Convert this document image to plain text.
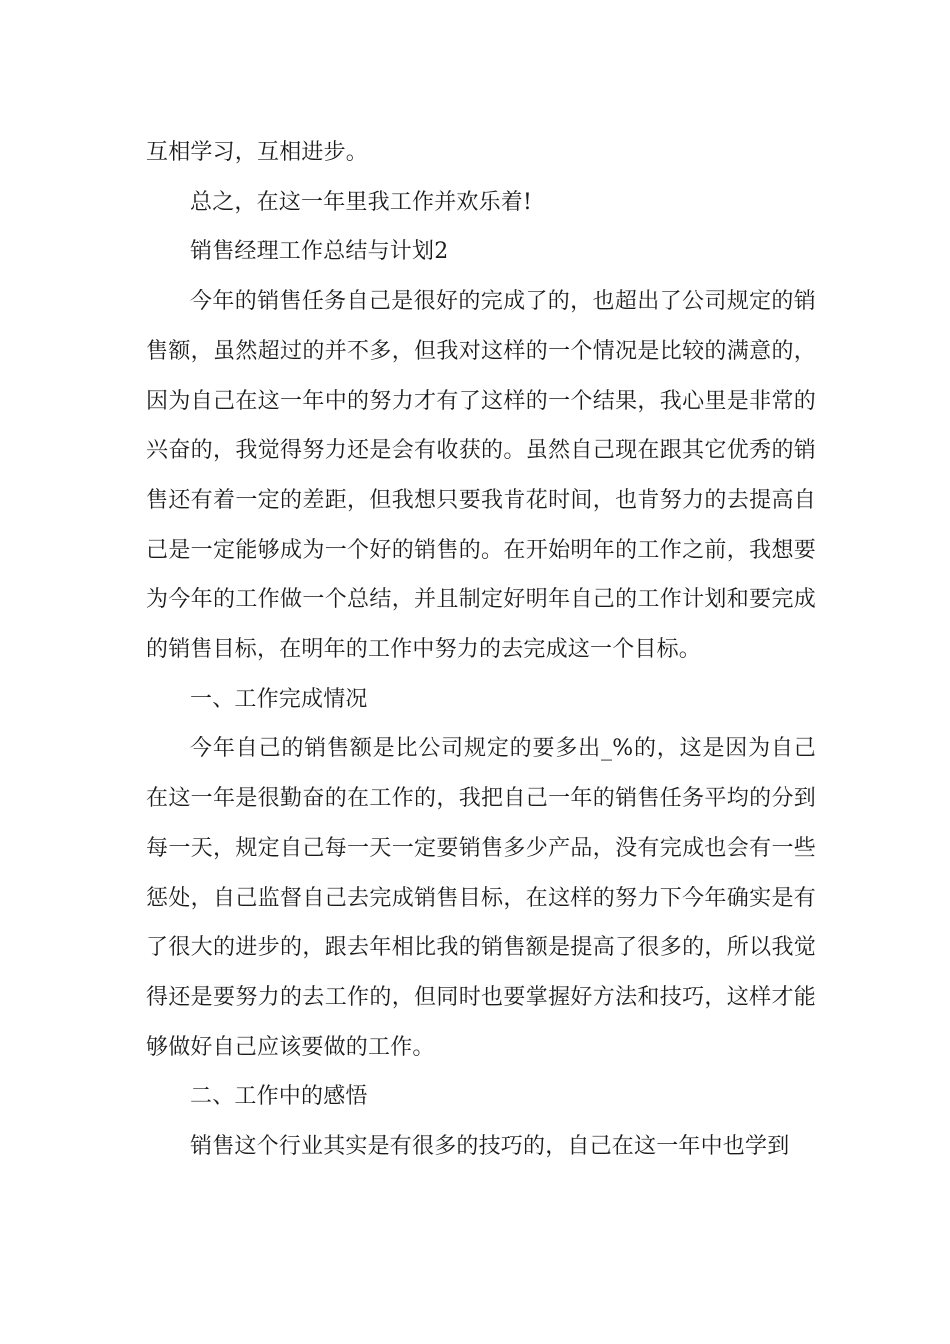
互相学习，互相进步。

总之，在这一年里我工作并欢乐着!

销售经理工作总结与计划2

今年的销售任务自己是很好的完成了的，也超出了公司规定的销售额，虽然超过的并不多，但我对这样的一个情况是比较的满意的，因为自己在这一年中的努力才有了这样的一个结果，我心里是非常的兴奋的，我觉得努力还是会有收获的。虽然自己现在跟其它优秀的销售还有着一定的差距，但我想只要我肯花时间，也肯努力的去提高自己是一定能够成为一个好的销售的。在开始明年的工作之前，我想要为今年的工作做一个总结，并且制定好明年自己的工作计划和要完成的销售目标，在明年的工作中努力的去完成这一个目标。

一、工作完成情况

今年自己的销售额是比公司规定的要多出_%的，这是因为自己在这一年是很勤奋的在工作的，我把自己一年的销售任务平均的分到每一天，规定自己每一天一定要销售多少产品，没有完成也会有一些惩处，自己监督自己去完成销售目标，在这样的努力下今年确实是有了很大的进步的，跟去年相比我的销售额是提高了很多的，所以我觉得还是要努力的去工作的，但同时也要掌握好方法和技巧，这样才能够做好自己应该要做的工作。

二、工作中的感悟

销售这个行业其实是有很多的技巧的，自己在这一年中也学到
